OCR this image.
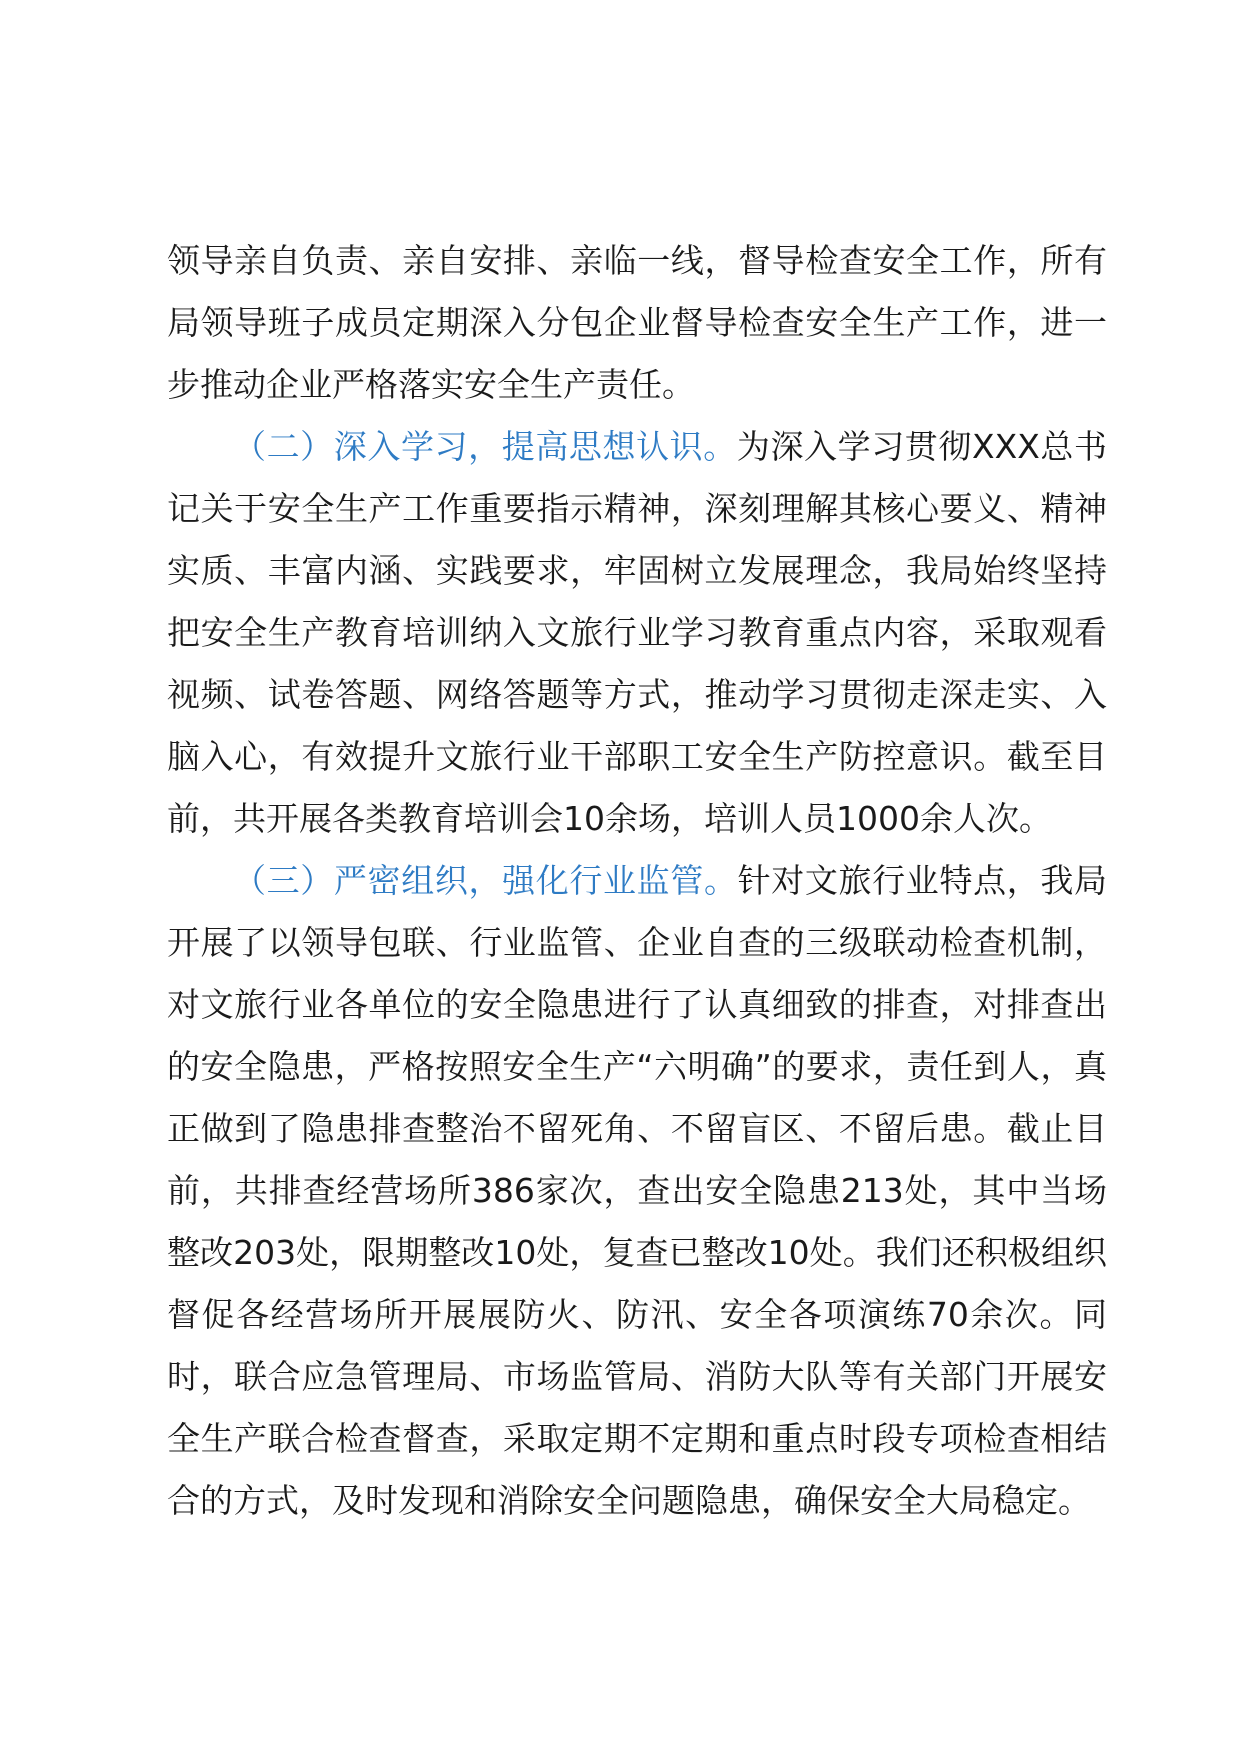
领导亲自负责、亲自安排、亲临一线，督导检查安全工作，所有局领导班子成员定期深入分包企业督导检查安全生产工作，进一步推动企业严格落实安全生产责任。

（二）深入学习，提高思想认识。为深入学习贯彻XXX总书记关于安全生产工作重要指示精神，深刻理解其核心要义、精神实质、丰富内涵、实践要求，牢固树立发展理念，我局始终坚持把安全生产教育培训纳入文旅行业学习教育重点内容，采取观看视频、试卷答题、网络答题等方式，推动学习贯彻走深走实、入脑入心，有效提升文旅行业干部职工安全生产防控意识。截至目前，共开展各类教育培训会10余场，培训人员1000余人次。

（三）严密组织，强化行业监管。针对文旅行业特点，我局开展了以领导包联、行业监管、企业自查的三级联动检查机制，对文旅行业各单位的安全隐患进行了认真细致的排查，对排查出的安全隐患，严格按照安全生产“六明确”的要求，责任到人，真正做到了隐患排查整治不留死角、不留盲区、不留后患。截止目前，共排查经营场所386家次，查出安全隐患213处，其中当场整改203处，限期整改10处，复查已整改10处。我们还积极组织督促各经营场所开展展防火、防汛、安全各项演练70余次。同时，联合应急管理局、市场监管局、消防大队等有关部门开展安全生产联合检查督查，采取定期不定期和重点时段专项检查相结合的方式，及时发现和消除安全问题隐患，确保安全大局稳定。
